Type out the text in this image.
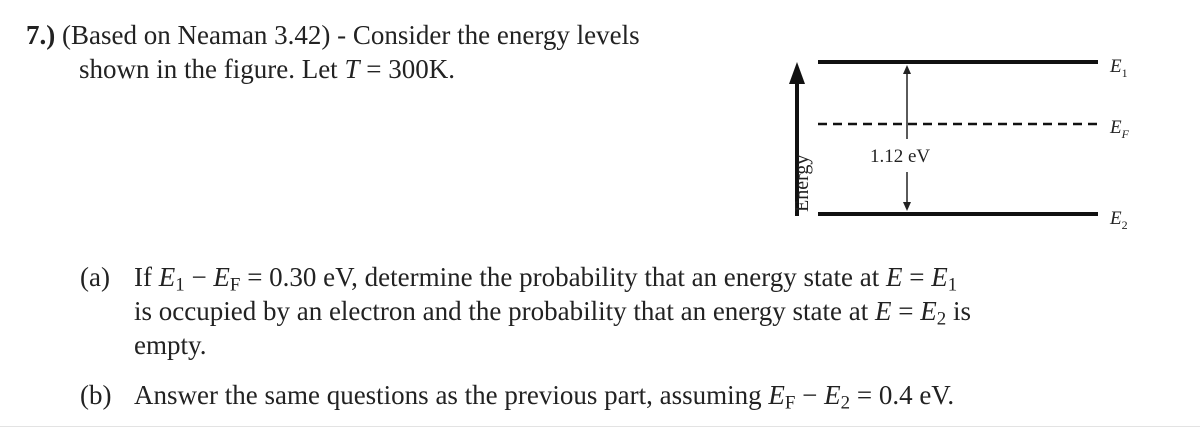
7.) (Based on Neaman 3.42) - Consider the energy levels
shown in the figure. Let T = 300K.
Energy	1.12 eV
$E_1$
$E_F$
$E_2$
(a) If $E_1 - E_F = 0.30$ eV, determine the probability that an energy state at $E = E_1$
is occupied by an electron and the probability that an energy state at $E = E_2$ is
empty.
(b) Answer the same questions as the previous part, assuming $E_F - E_2 = 0.4$ eV.
